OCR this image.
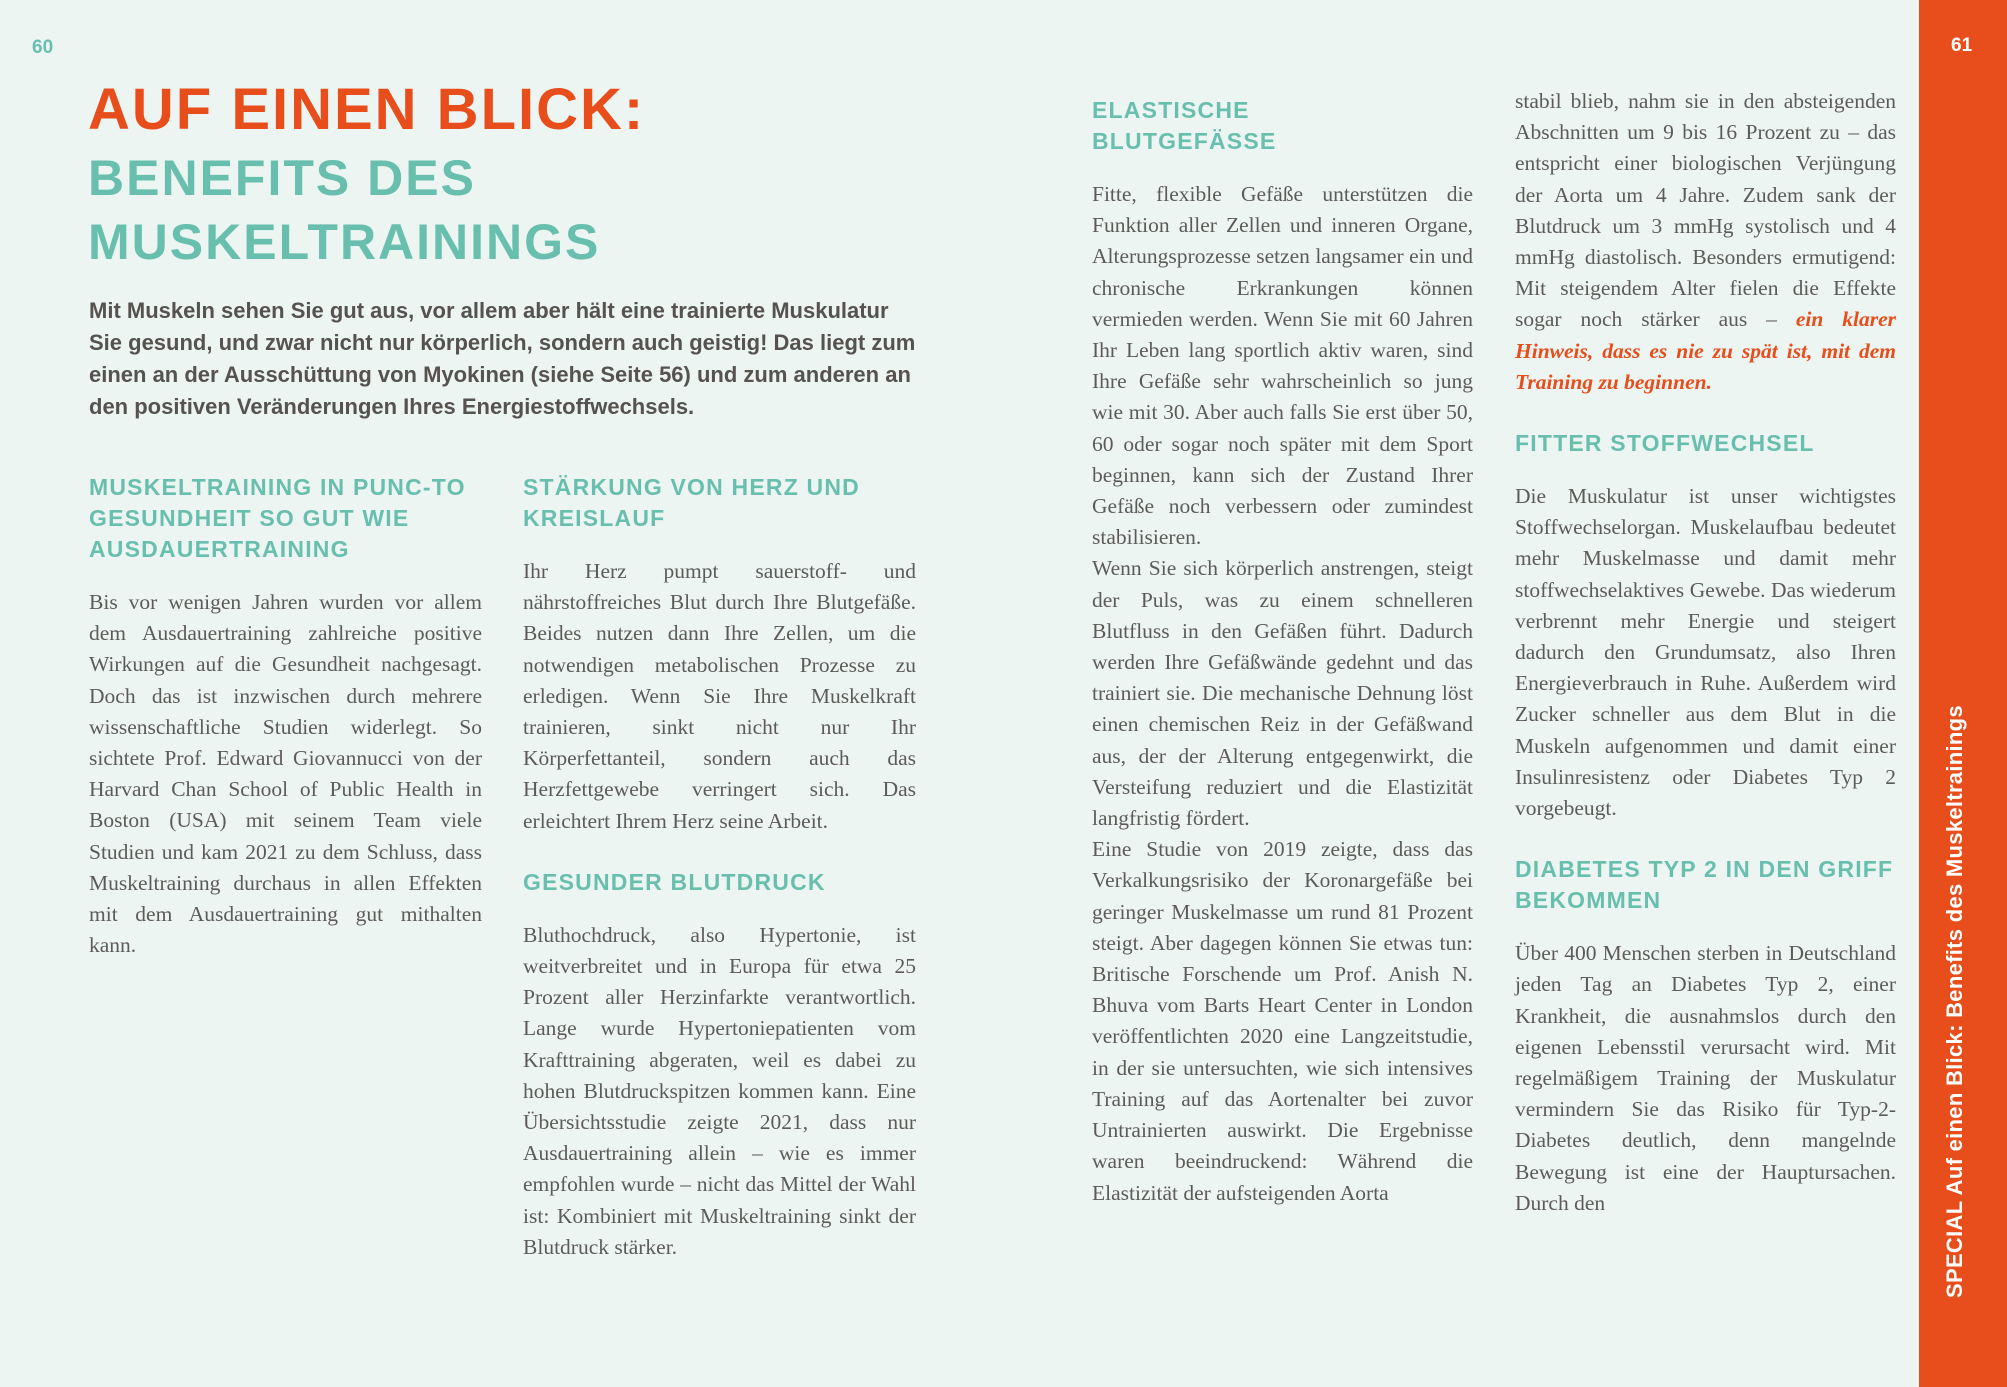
60	61
SPECIAL Auf einen Blick: Benefits des Muskeltrainings
AUF EINEN BLICK:
BENEFITS DES MUSKELTRAININGS
Mit Muskeln sehen Sie gut aus, vor allem aber hält eine trainierte Muskulatur Sie gesund, und zwar nicht nur körperlich, sondern auch geistig! Das liegt zum einen an der Ausschüttung von Myokinen (siehe Seite 56) und zum anderen an den positiven Veränderungen Ihres Energiestoffwechsels.
MUSKELTRAINING IN PUNC-TO GESUNDHEIT SO GUT WIE AUSDAUERTRAINING

Bis vor wenigen Jahren wurden vor allem dem Ausdauertraining zahlreiche positive Wirkungen auf die Gesundheit nachgesagt. Doch das ist inzwischen durch mehrere wissenschaftliche Studien widerlegt. So sichtete Prof. Edward Giovannucci von der Harvard Chan School of Public Health in Boston (USA) mit seinem Team viele Studien und kam 2021 zu dem Schluss, dass Muskeltraining durchaus in allen Effekten mit dem Ausdauertraining gut mithalten kann.

STÄRKUNG VON HERZ UND KREISLAUF

Ihr Herz pumpt sauerstoff- und nährstoffreiches Blut durch Ihre Blutgefäße. Beides nutzen dann Ihre Zellen, um die notwendigen metabolischen Prozesse zu erledigen. Wenn Sie Ihre Muskelkraft trainieren, sinkt nicht nur Ihr Körperfettanteil, sondern auch das Herzfettgewebe verringert sich. Das erleichtert Ihrem Herz seine Arbeit.

GESUNDER BLUTDRUCK

Bluthochdruck, also Hypertonie, ist weitverbreitet und in Europa für etwa 25 Prozent aller Herzinfarkte verantwortlich. Lange wurde Hypertoniepatienten vom Krafttraining abgeraten, weil es dabei zu hohen Blutdruckspitzen kommen kann. Eine Übersichtsstudie zeigte 2021, dass nur Ausdauertraining allein – wie es immer empfohlen wurde – nicht das Mittel der Wahl ist: Kombiniert mit Muskeltraining sinkt der Blutdruck stärker.

ELASTISCHE BLUTGEFÄSSE

Fitte, flexible Gefäße unterstützen die Funktion aller Zellen und inneren Organe, Alterungsprozesse setzen langsamer ein und chronische Erkrankungen können vermieden werden. Wenn Sie mit 60 Jahren Ihr Leben lang sportlich aktiv waren, sind Ihre Gefäße sehr wahrscheinlich so jung wie mit 30. Aber auch falls Sie erst über 50, 60 oder sogar noch später mit dem Sport beginnen, kann sich der Zustand Ihrer Gefäße noch verbessern oder zumindest stabilisieren.

Wenn Sie sich körperlich anstrengen, steigt der Puls, was zu einem schnelleren Blutfluss in den Gefäßen führt. Dadurch werden Ihre Gefäßwände gedehnt und das trainiert sie. Die mechanische Dehnung löst einen chemischen Reiz in der Gefäßwand aus, der der Alterung entgegenwirkt, die Versteifung reduziert und die Elastizität langfristig fördert.

Eine Studie von 2019 zeigte, dass das Verkalkungsrisiko der Koronargefäße bei geringer Muskelmasse um rund 81 Prozent steigt. Aber dagegen können Sie etwas tun: Britische Forschende um Prof. Anish N. Bhuva vom Barts Heart Center in London veröffentlichten 2020 eine Langzeitstudie, in der sie untersuchten, wie sich intensives Training auf das Aortenalter bei zuvor Untrainierten auswirkt. Die Ergebnisse waren beeindruckend: Während die Elastizität der aufsteigenden Aorta

stabil blieb, nahm sie in den absteigenden Abschnitten um 9 bis 16 Prozent zu – das entspricht einer biologischen Verjüngung der Aorta um 4 Jahre. Zudem sank der Blutdruck um 3 mmHg systolisch und 4 mmHg diastolisch. Besonders ermutigend: Mit steigendem Alter fielen die Effekte sogar noch stärker aus – ein klarer Hinweis, dass es nie zu spät ist, mit dem Training zu beginnen.

FITTER STOFFWECHSEL

Die Muskulatur ist unser wichtigstes Stoffwechselorgan. Muskelaufbau bedeutet mehr Muskelmasse und damit mehr stoffwechselaktives Gewebe. Das wiederum verbrennt mehr Energie und steigert dadurch den Grundumsatz, also Ihren Energieverbrauch in Ruhe. Außerdem wird Zucker schneller aus dem Blut in die Muskeln aufgenommen und damit einer Insulinresistenz oder Diabetes Typ 2 vorgebeugt.

DIABETES TYP 2 IN DEN GRIFF BEKOMMEN

Über 400 Menschen sterben in Deutschland jeden Tag an Diabetes Typ 2, einer Krankheit, die ausnahmslos durch den eigenen Lebensstil verursacht wird. Mit regelmäßigem Training der Muskulatur vermindern Sie das Risiko für Typ-2-Diabetes deutlich, denn mangelnde Bewegung ist eine der Hauptursachen. Durch den
